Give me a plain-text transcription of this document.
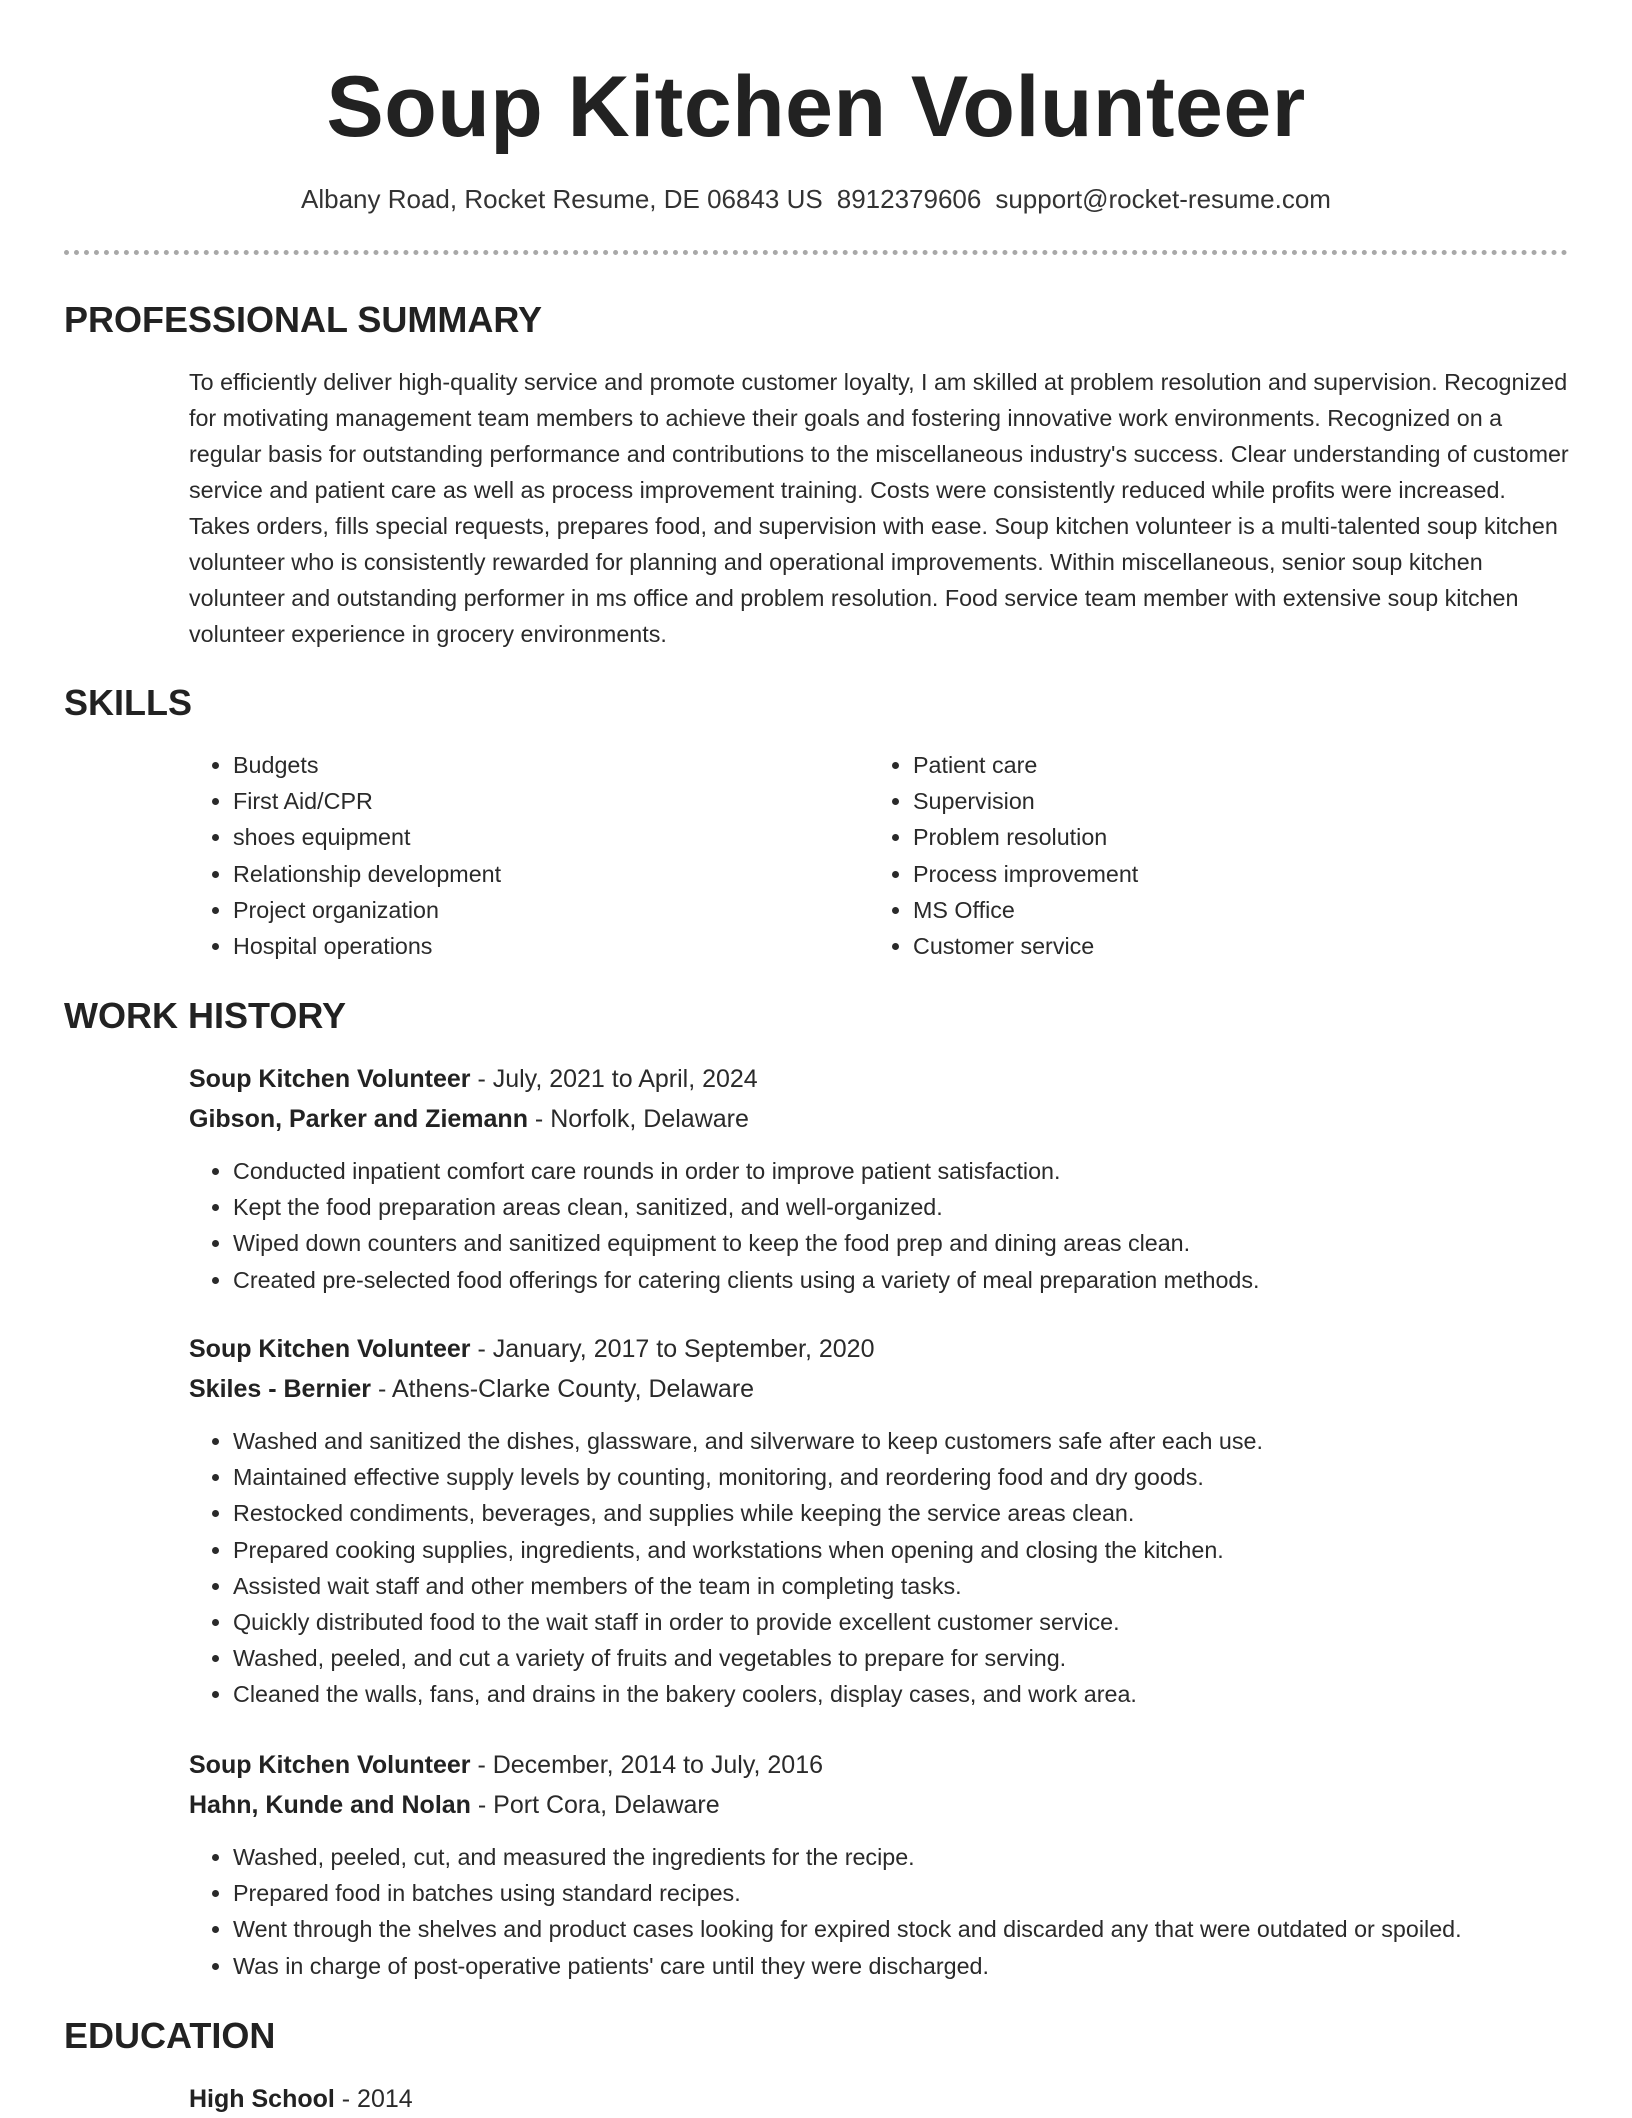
Soup Kitchen Volunteer
Albany Road, Rocket Resume, DE 06843 US 8912379606 support@rocket-resume.com
PROFESSIONAL SUMMARY

To efficiently deliver high-quality service and promote customer loyalty, I am skilled at problem resolution and supervision. Recognized for motivating management team members to achieve their goals and fostering innovative work environments. Recognized on a regular basis for outstanding performance and contributions to the miscellaneous industry's success. Clear understanding of customer service and patient care as well as process improvement training. Costs were consistently reduced while profits were increased. Takes orders, fills special requests, prepares food, and supervision with ease. Soup kitchen volunteer is a multi-talented soup kitchen volunteer who is consistently rewarded for planning and operational improvements. Within miscellaneous, senior soup kitchen volunteer and outstanding performer in ms office and problem resolution. Food service team member with extensive soup kitchen volunteer experience in grocery environments.

SKILLS
• Budgets
• First Aid/CPR
• shoes equipment
• Relationship development
• Project organization
• Hospital operations
• Patient care
• Supervision
• Problem resolution
• Process improvement
• MS Office
• Customer service
WORK HISTORY
Soup Kitchen Volunteer - July, 2021 to April, 2024
Gibson, Parker and Ziemann - Norfolk, Delaware
• Conducted inpatient comfort care rounds in order to improve patient satisfaction.
• Kept the food preparation areas clean, sanitized, and well-organized.
• Wiped down counters and sanitized equipment to keep the food prep and dining areas clean.
• Created pre-selected food offerings for catering clients using a variety of meal preparation methods.
Soup Kitchen Volunteer - January, 2017 to September, 2020
Skiles - Bernier - Athens-Clarke County, Delaware
• Washed and sanitized the dishes, glassware, and silverware to keep customers safe after each use.
• Maintained effective supply levels by counting, monitoring, and reordering food and dry goods.
• Restocked condiments, beverages, and supplies while keeping the service areas clean.
• Prepared cooking supplies, ingredients, and workstations when opening and closing the kitchen.
• Assisted wait staff and other members of the team in completing tasks.
• Quickly distributed food to the wait staff in order to provide excellent customer service.
• Washed, peeled, and cut a variety of fruits and vegetables to prepare for serving.
• Cleaned the walls, fans, and drains in the bakery coolers, display cases, and work area.
Soup Kitchen Volunteer - December, 2014 to July, 2016
Hahn, Kunde and Nolan - Port Cora, Delaware
• Washed, peeled, cut, and measured the ingredients for the recipe.
• Prepared food in batches using standard recipes.
• Went through the shelves and product cases looking for expired stock and discarded any that were outdated or spoiled.
• Was in charge of post-operative patients' care until they were discharged.
EDUCATION
High School - 2014
